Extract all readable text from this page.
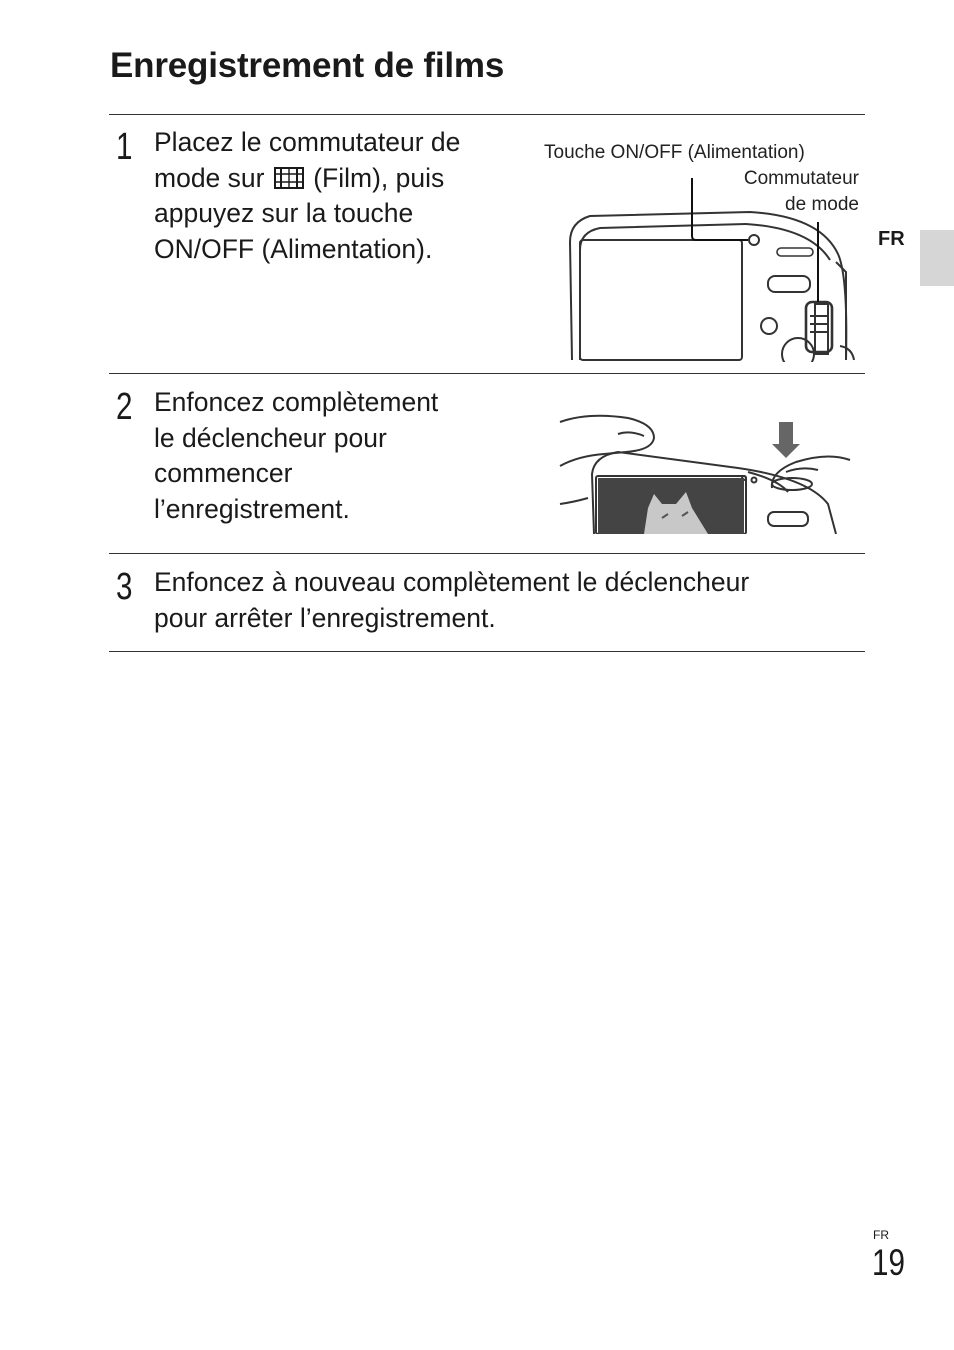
Enregistrement de films
FR
1 Placez le commutateur de
mode sur (Film), puis
appuyez sur la touche
ON/OFF (Alimentation).
Touche ON/OFF (Alimentation)
Commutateur
de mode
2 Enfoncez complètement
le déclencheur pour
commencer
l’enregistrement.
3 Enfoncez à nouveau complètement le déclencheur
pour arrêter l’enregistrement.
FR
19
